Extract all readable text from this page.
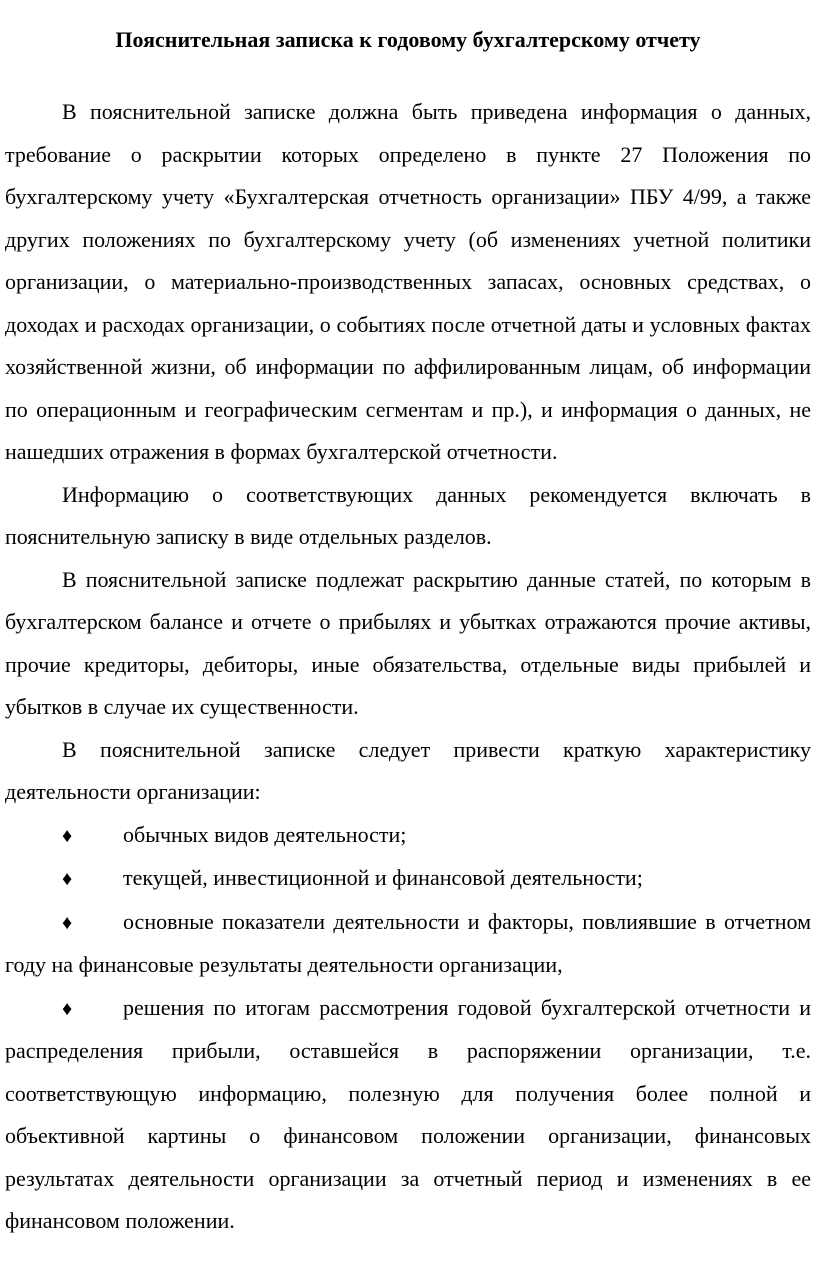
Пояснительная записка к годовому бухгалтерскому отчету

В пояснительной записке должна быть приведена информация о данных, требование о раскрытии которых определено в пункте 27 Положения по бухгалтерскому учету «Бухгалтерская отчетность организации» ПБУ 4/99, а также других положениях по бухгалтерскому учету (об изменениях учетной политики организации, о материально-производственных запасах, основных средствах, о доходах и расходах организации, о событиях после отчетной даты и условных фактах хозяйственной жизни, об информации по аффилированным лицам, об информации по операционным и географическим сегментам и пр.), и информация о данных, не нашедших отражения в формах бухгалтерской отчетности.

Информацию о соответствующих данных рекомендуется включать в пояснительную записку в виде отдельных разделов.

В пояснительной записке подлежат раскрытию данные статей, по которым в бухгалтерском балансе и отчете о прибылях и убытках отражаются прочие активы, прочие кредиторы, дебиторы, иные обязательства, отдельные виды прибылей и убытков в случае их существенности.

В пояснительной записке следует привести краткую характеристику деятельности организации:

♦ обычных видов деятельности;

♦ текущей, инвестиционной и финансовой деятельности;

♦ основные показатели деятельности и факторы, повлиявшие в отчетном году на финансовые результаты деятельности организации,

♦ решения по итогам рассмотрения годовой бухгалтерской отчетности и распределения прибыли, оставшейся в распоряжении организации, т.е. соответствующую информацию, полезную для получения более полной и объективной картины о финансовом положении организации, финансовых результатах деятельности организации за отчетный период и изменениях в ее финансовом положении.
